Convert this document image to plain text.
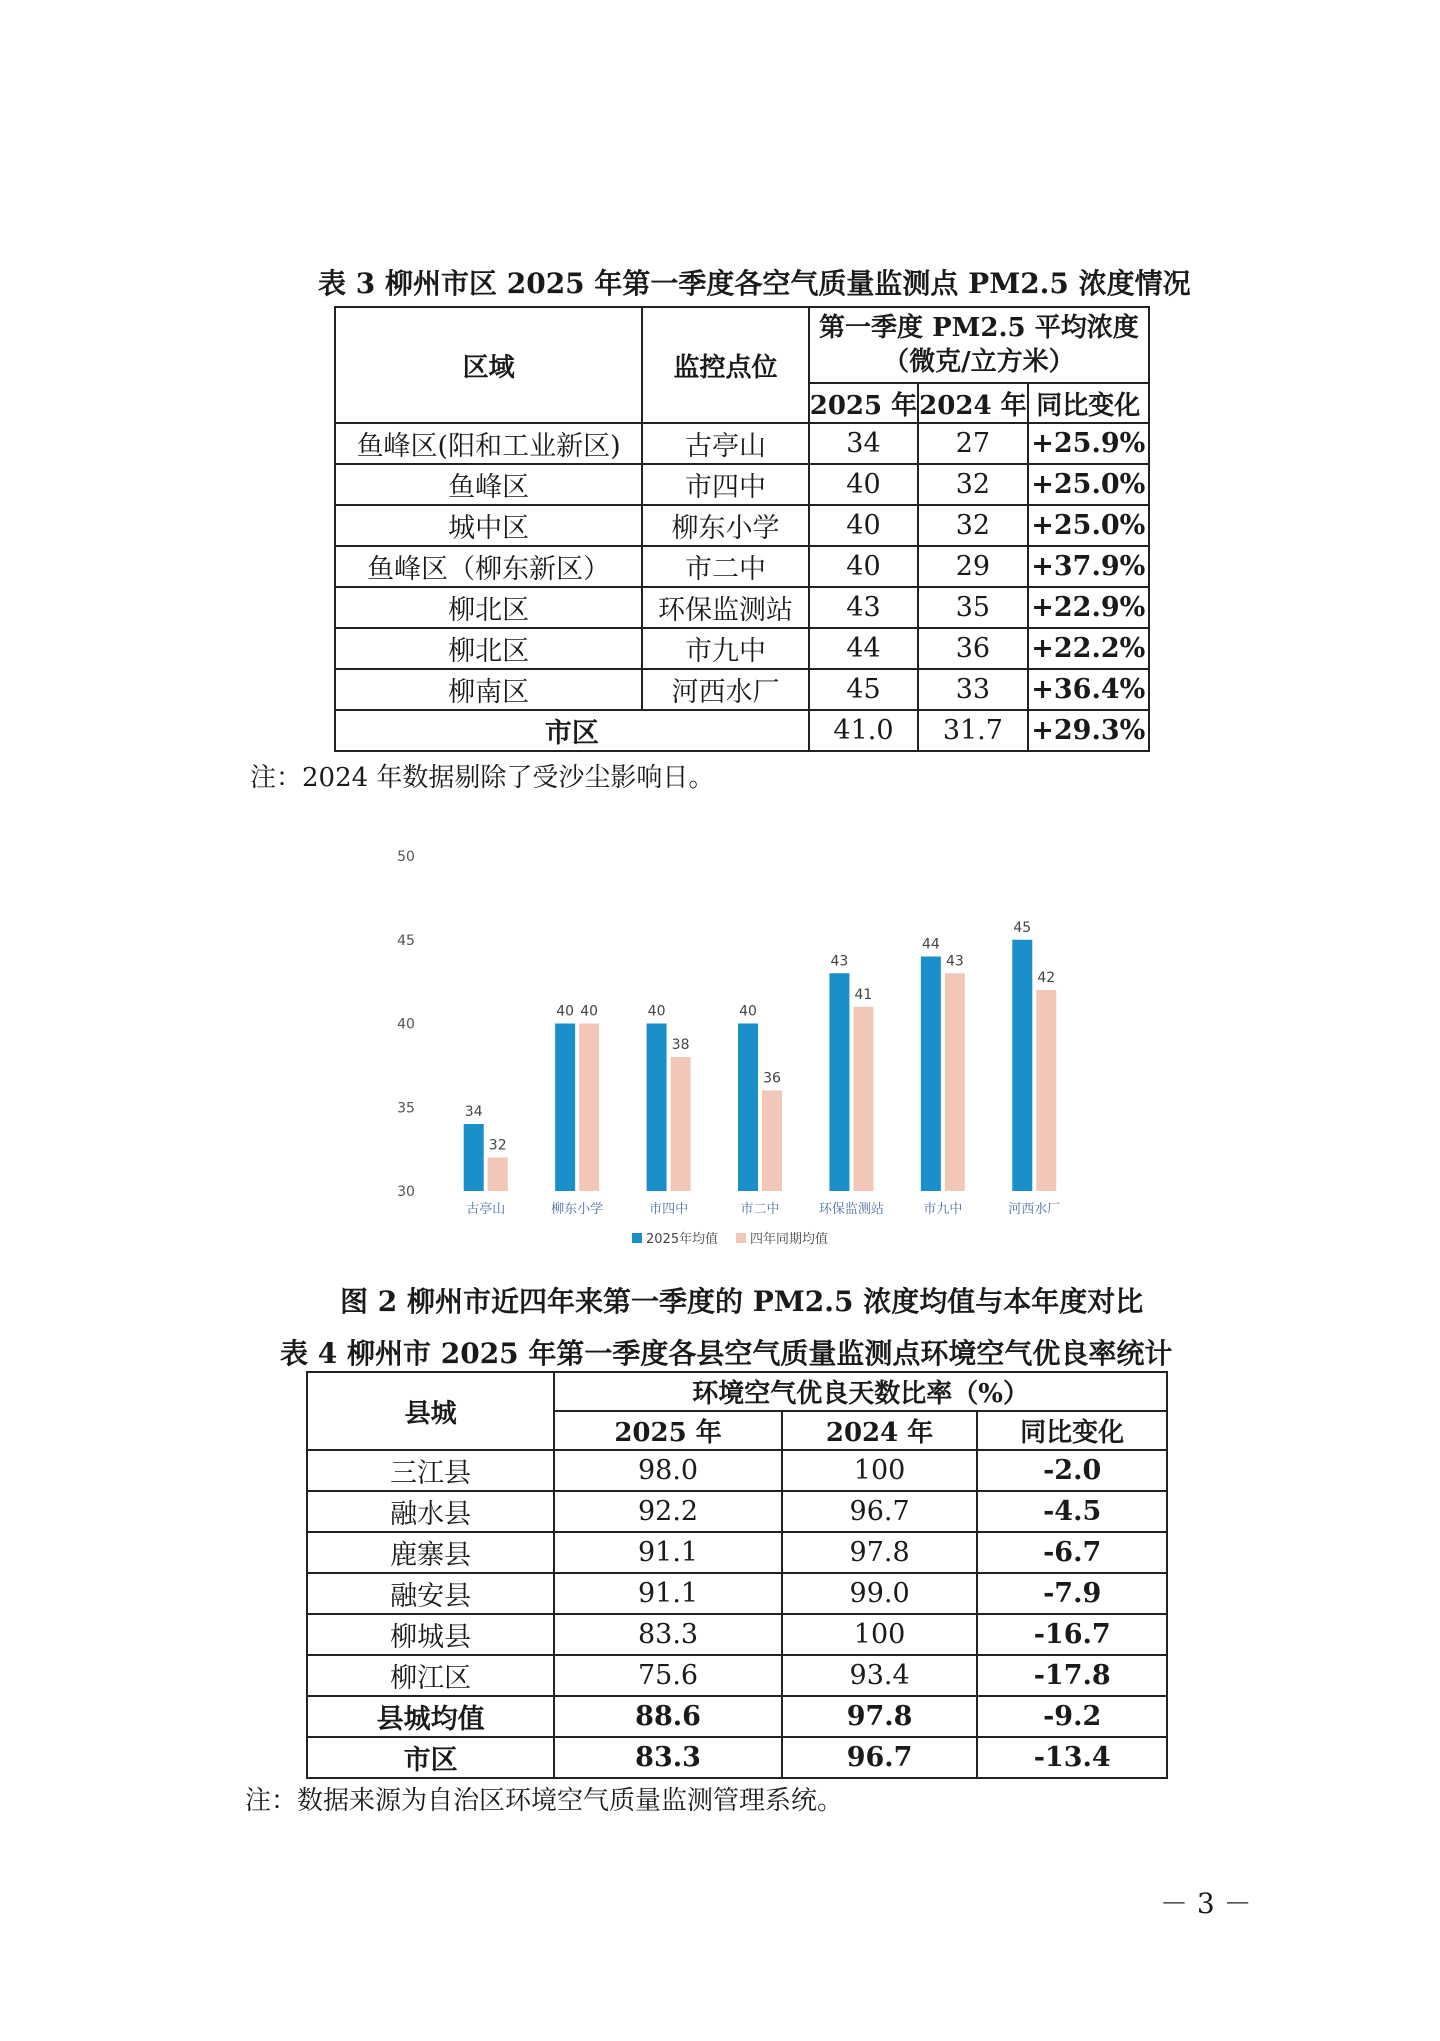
表 3 柳州市区 2025 年第一季度各空气质量监测点 PM2.5 浓度情况
区域	监控点位	第一季度 PM2.5 平均浓度（微克/立方米）		
		2025 年	2024 年	同比变化
鱼峰区(阳和工业新区)	古亭山	34	27	+25.9%
鱼峰区	市四中	40	32	+25.0%
城中区	柳东小学	40	32	+25.0%
鱼峰区（柳东新区）	市二中	40	29	+37.9%
柳北区	环保监测站	43	35	+22.9%
柳北区	市九中	44	36	+22.2%
柳南区	河西水厂	45	33	+36.4%
市区		41.0	31.7	+29.3%
注：2024 年数据剔除了受沙尘影响日。
30
35
40
45
50
34
32
古亭山
40 40
柳东小学
40
38
市四中
40
36
市二中
43
41
环保监测站
44
43
市九中
45
42
河西水厂
2025年均值 四年同期均值
图 2 柳州市近四年来第一季度的 PM2.5 浓度均值与本年度对比
表 4 柳州市 2025 年第一季度各县空气质量监测点环境空气优良率统计
县城	环境空气优良天数比率（%）		
	2025 年	2024 年	同比变化
三江县	98.0	100	-2.0
融水县	92.2	96.7	-4.5
鹿寨县	91.1	97.8	-6.7
融安县	91.1	99.0	-7.9
柳城县	83.3	100	-16.7
柳江区	75.6	93.4	-17.8
县城均值	88.6	97.8	-9.2
市区	83.3	96.7	-13.4
注：数据来源为自治区环境空气质量监测管理系统。
－ 3 －
